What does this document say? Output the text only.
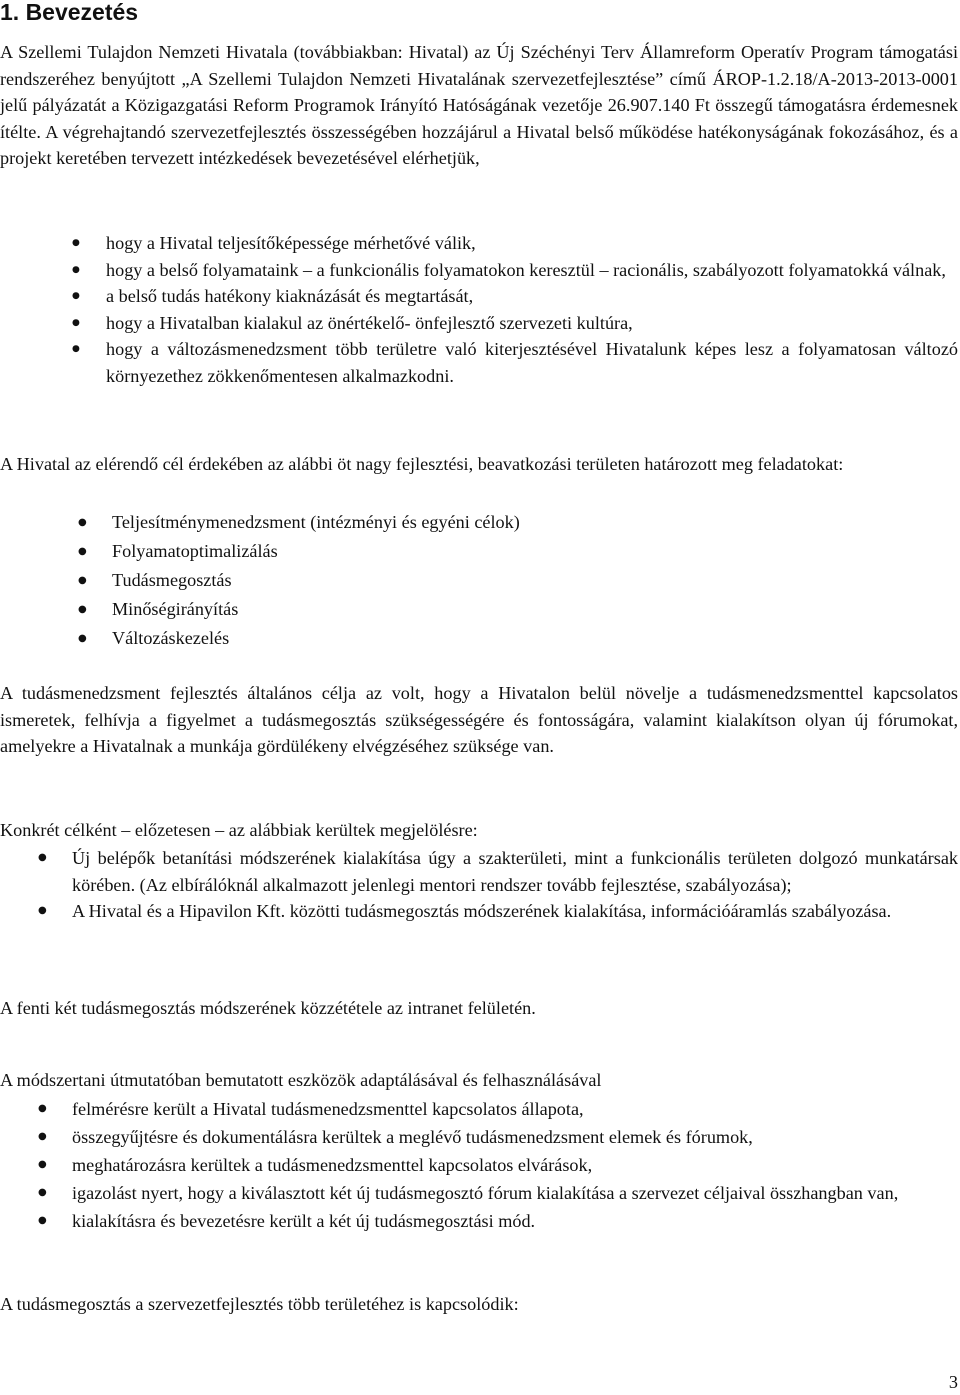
1. Bevezetés

A Szellemi Tulajdon Nemzeti Hivatala (továbbiakban: Hivatal) az Új Széchényi Terv Államreform Operatív Program támogatási rendszeréhez benyújtott „A Szellemi Tulajdon Nemzeti Hivatalának szervezetfejlesztése” című ÁROP-1.2.18/A-2013-2013-0001 jelű pályázatát a Közigazgatási Reform Programok Irányító Hatóságának vezetője 26.907.140 Ft összegű támogatásra érdemesnek ítélte. A végrehajtandó szervezetfejlesztés összességében hozzájárul a Hivatal belső működése hatékonyságának fokozásához, és a projekt keretében tervezett intézkedések bevezetésével elérhetjük,

●	hogy a Hivatal teljesítőképessége mérhetővé válik,
●	hogy a belső folyamataink – a funkcionális folyamatokon keresztül – racionális, szabályozott folyamatokká válnak,
●	a belső tudás hatékony kiaknázását és megtartását,
●	hogy a Hivatalban kialakul az önértékelő- önfejlesztő szervezeti kultúra,
●	hogy a változásmenedzsment több területre való kiterjesztésével Hivatalunk képes lesz a folyamatosan változó környezethez zökkenőmentesen alkalmazkodni.

A Hivatal az elérendő cél érdekében az alábbi öt nagy fejlesztési, beavatkozási területen határozott meg feladatokat:

● Teljesítménymenedzsment (intézményi és egyéni célok)
● Folyamatoptimalizálás
● Tudásmegosztás
● Minőségirányítás
● Változáskezelés

A tudásmenedzsment fejlesztés általános célja az volt, hogy a Hivatalon belül növelje a tudásmenedzsmenttel kapcsolatos ismeretek, felhívja a figyelmet a tudásmegosztás szükségességére és fontosságára, valamint kialakítson olyan új fórumokat, amelyekre a Hivatalnak a munkája gördülékeny elvégzéséhez szüksége van.

Konkrét célként – előzetesen – az alábbiak kerültek megjelölésre:

● Új belépők betanítási módszerének kialakítása úgy a szakterületi, mint a funkcionális területen dolgozó munkatársak körében. (Az elbírálóknál alkalmazott jelenlegi mentori rendszer tovább fejlesztése, szabályozása);
● A Hivatal és a Hipavilon Kft. közötti tudásmegosztás módszerének kialakítása, információáramlás szabályozása.

A fenti két tudásmegosztás módszerének közzététele az intranet felületén.

A módszertani útmutatóban bemutatott eszközök adaptálásával és felhasználásával

● felmérésre került a Hivatal tudásmenedzsmenttel kapcsolatos állapota,
● összegyűjtésre és dokumentálásra kerültek a meglévő tudásmenedzsment elemek és fórumok,
● meghatározásra kerültek a tudásmenedzsmenttel kapcsolatos elvárások,
● igazolást nyert, hogy a kiválasztott két új tudásmegosztó fórum kialakítása a szervezet céljaival összhangban van,
● kialakításra és bevezetésre került a két új tudásmegosztási mód.

A tudásmegosztás a szervezetfejlesztés több területéhez is kapcsolódik:

3
